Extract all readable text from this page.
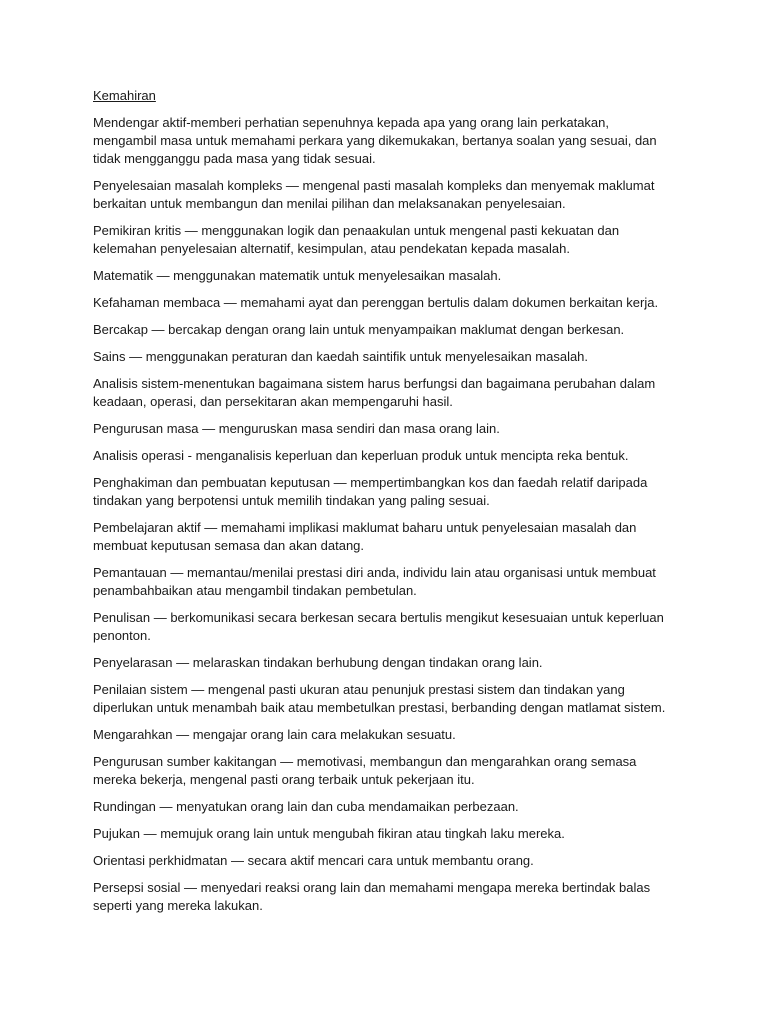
Kemahiran

Mendengar aktif-memberi perhatian sepenuhnya kepada apa yang orang lain perkatakan, mengambil masa untuk memahami perkara yang dikemukakan, bertanya soalan yang sesuai, dan tidak mengganggu pada masa yang tidak sesuai.

Penyelesaian masalah kompleks — mengenal pasti masalah kompleks dan menyemak maklumat berkaitan untuk membangun dan menilai pilihan dan melaksanakan penyelesaian.

Pemikiran kritis — menggunakan logik dan penaakulan untuk mengenal pasti kekuatan dan kelemahan penyelesaian alternatif, kesimpulan, atau pendekatan kepada masalah.

Matematik — menggunakan matematik untuk menyelesaikan masalah.

Kefahaman membaca — memahami ayat dan perenggan bertulis dalam dokumen berkaitan kerja.

Bercakap — bercakap dengan orang lain untuk menyampaikan maklumat dengan berkesan.

Sains — menggunakan peraturan dan kaedah saintifik untuk menyelesaikan masalah.

Analisis sistem-menentukan bagaimana sistem harus berfungsi dan bagaimana perubahan dalam keadaan, operasi, dan persekitaran akan mempengaruhi hasil.

Pengurusan masa — menguruskan masa sendiri dan masa orang lain.

Analisis operasi - menganalisis keperluan dan keperluan produk untuk mencipta reka bentuk.

Penghakiman dan pembuatan keputusan — mempertimbangkan kos dan faedah relatif daripada tindakan yang berpotensi untuk memilih tindakan yang paling sesuai.

Pembelajaran aktif — memahami implikasi maklumat baharu untuk penyelesaian masalah dan membuat keputusan semasa dan akan datang.

Pemantauan — memantau/menilai prestasi diri anda, individu lain atau organisasi untuk membuat penambahbaikan atau mengambil tindakan pembetulan.

Penulisan — berkomunikasi secara berkesan secara bertulis mengikut kesesuaian untuk keperluan penonton.

Penyelarasan — melaraskan tindakan berhubung dengan tindakan orang lain.

Penilaian sistem — mengenal pasti ukuran atau penunjuk prestasi sistem dan tindakan yang diperlukan untuk menambah baik atau membetulkan prestasi, berbanding dengan matlamat sistem.

Mengarahkan — mengajar orang lain cara melakukan sesuatu.

Pengurusan sumber kakitangan — memotivasi, membangun dan mengarahkan orang semasa mereka bekerja, mengenal pasti orang terbaik untuk pekerjaan itu.

Rundingan — menyatukan orang lain dan cuba mendamaikan perbezaan.

Pujukan — memujuk orang lain untuk mengubah fikiran atau tingkah laku mereka.

Orientasi perkhidmatan — secara aktif mencari cara untuk membantu orang.

Persepsi sosial — menyedari reaksi orang lain dan memahami mengapa mereka bertindak balas seperti yang mereka lakukan.
